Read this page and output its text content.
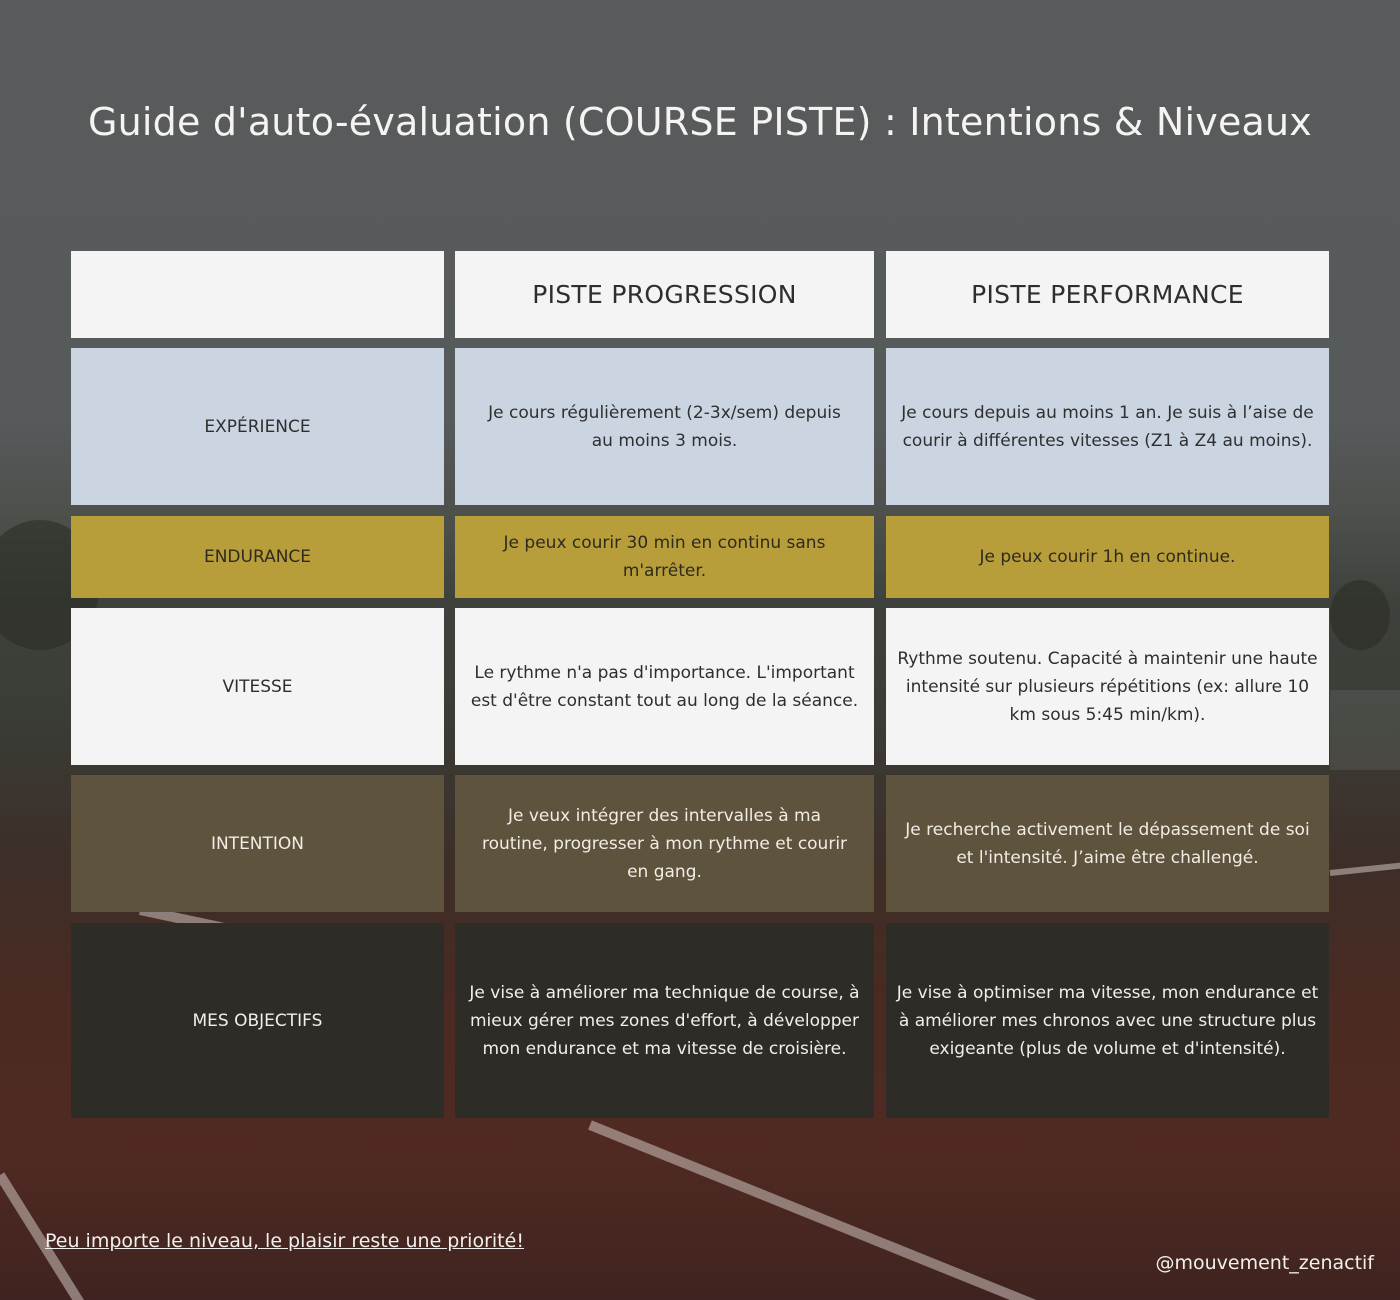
Guide d'auto-évaluation (COURSE PISTE) : Intentions & Niveaux
PISTE PROGRESSION	PISTE PERFORMANCE
EXPÉRIENCE
Je cours régulièrement (2-3x/sem) depuis au moins 3 mois.
Je cours depuis au moins 1 an. Je suis à l’aise de courir à différentes vitesses (Z1 à Z4 au moins).
ENDURANCE
Je peux courir 30 min en continu sans m'arrêter.
Je peux courir 1h en continue.
VITESSE
Le rythme n'a pas d'importance. L'important est d'être constant tout au long de la séance.
Rythme soutenu. Capacité à maintenir une haute intensité sur plusieurs répétitions (ex: allure 10 km sous 5:45 min/km).
INTENTION
Je veux intégrer des intervalles à ma routine, progresser à mon rythme et courir en gang.
Je recherche activement le dépassement de soi et l'intensité. J’aime être challengé.
MES OBJECTIFS
Je vise à améliorer ma technique de course, à mieux gérer mes zones d'effort, à développer mon endurance et ma vitesse de croisière.
Je vise à optimiser ma vitesse, mon endurance et à améliorer mes chronos avec une structure plus exigeante (plus de volume et d'intensité).
Peu importe le niveau, le plaisir reste une priorité!
@mouvement_zenactif
